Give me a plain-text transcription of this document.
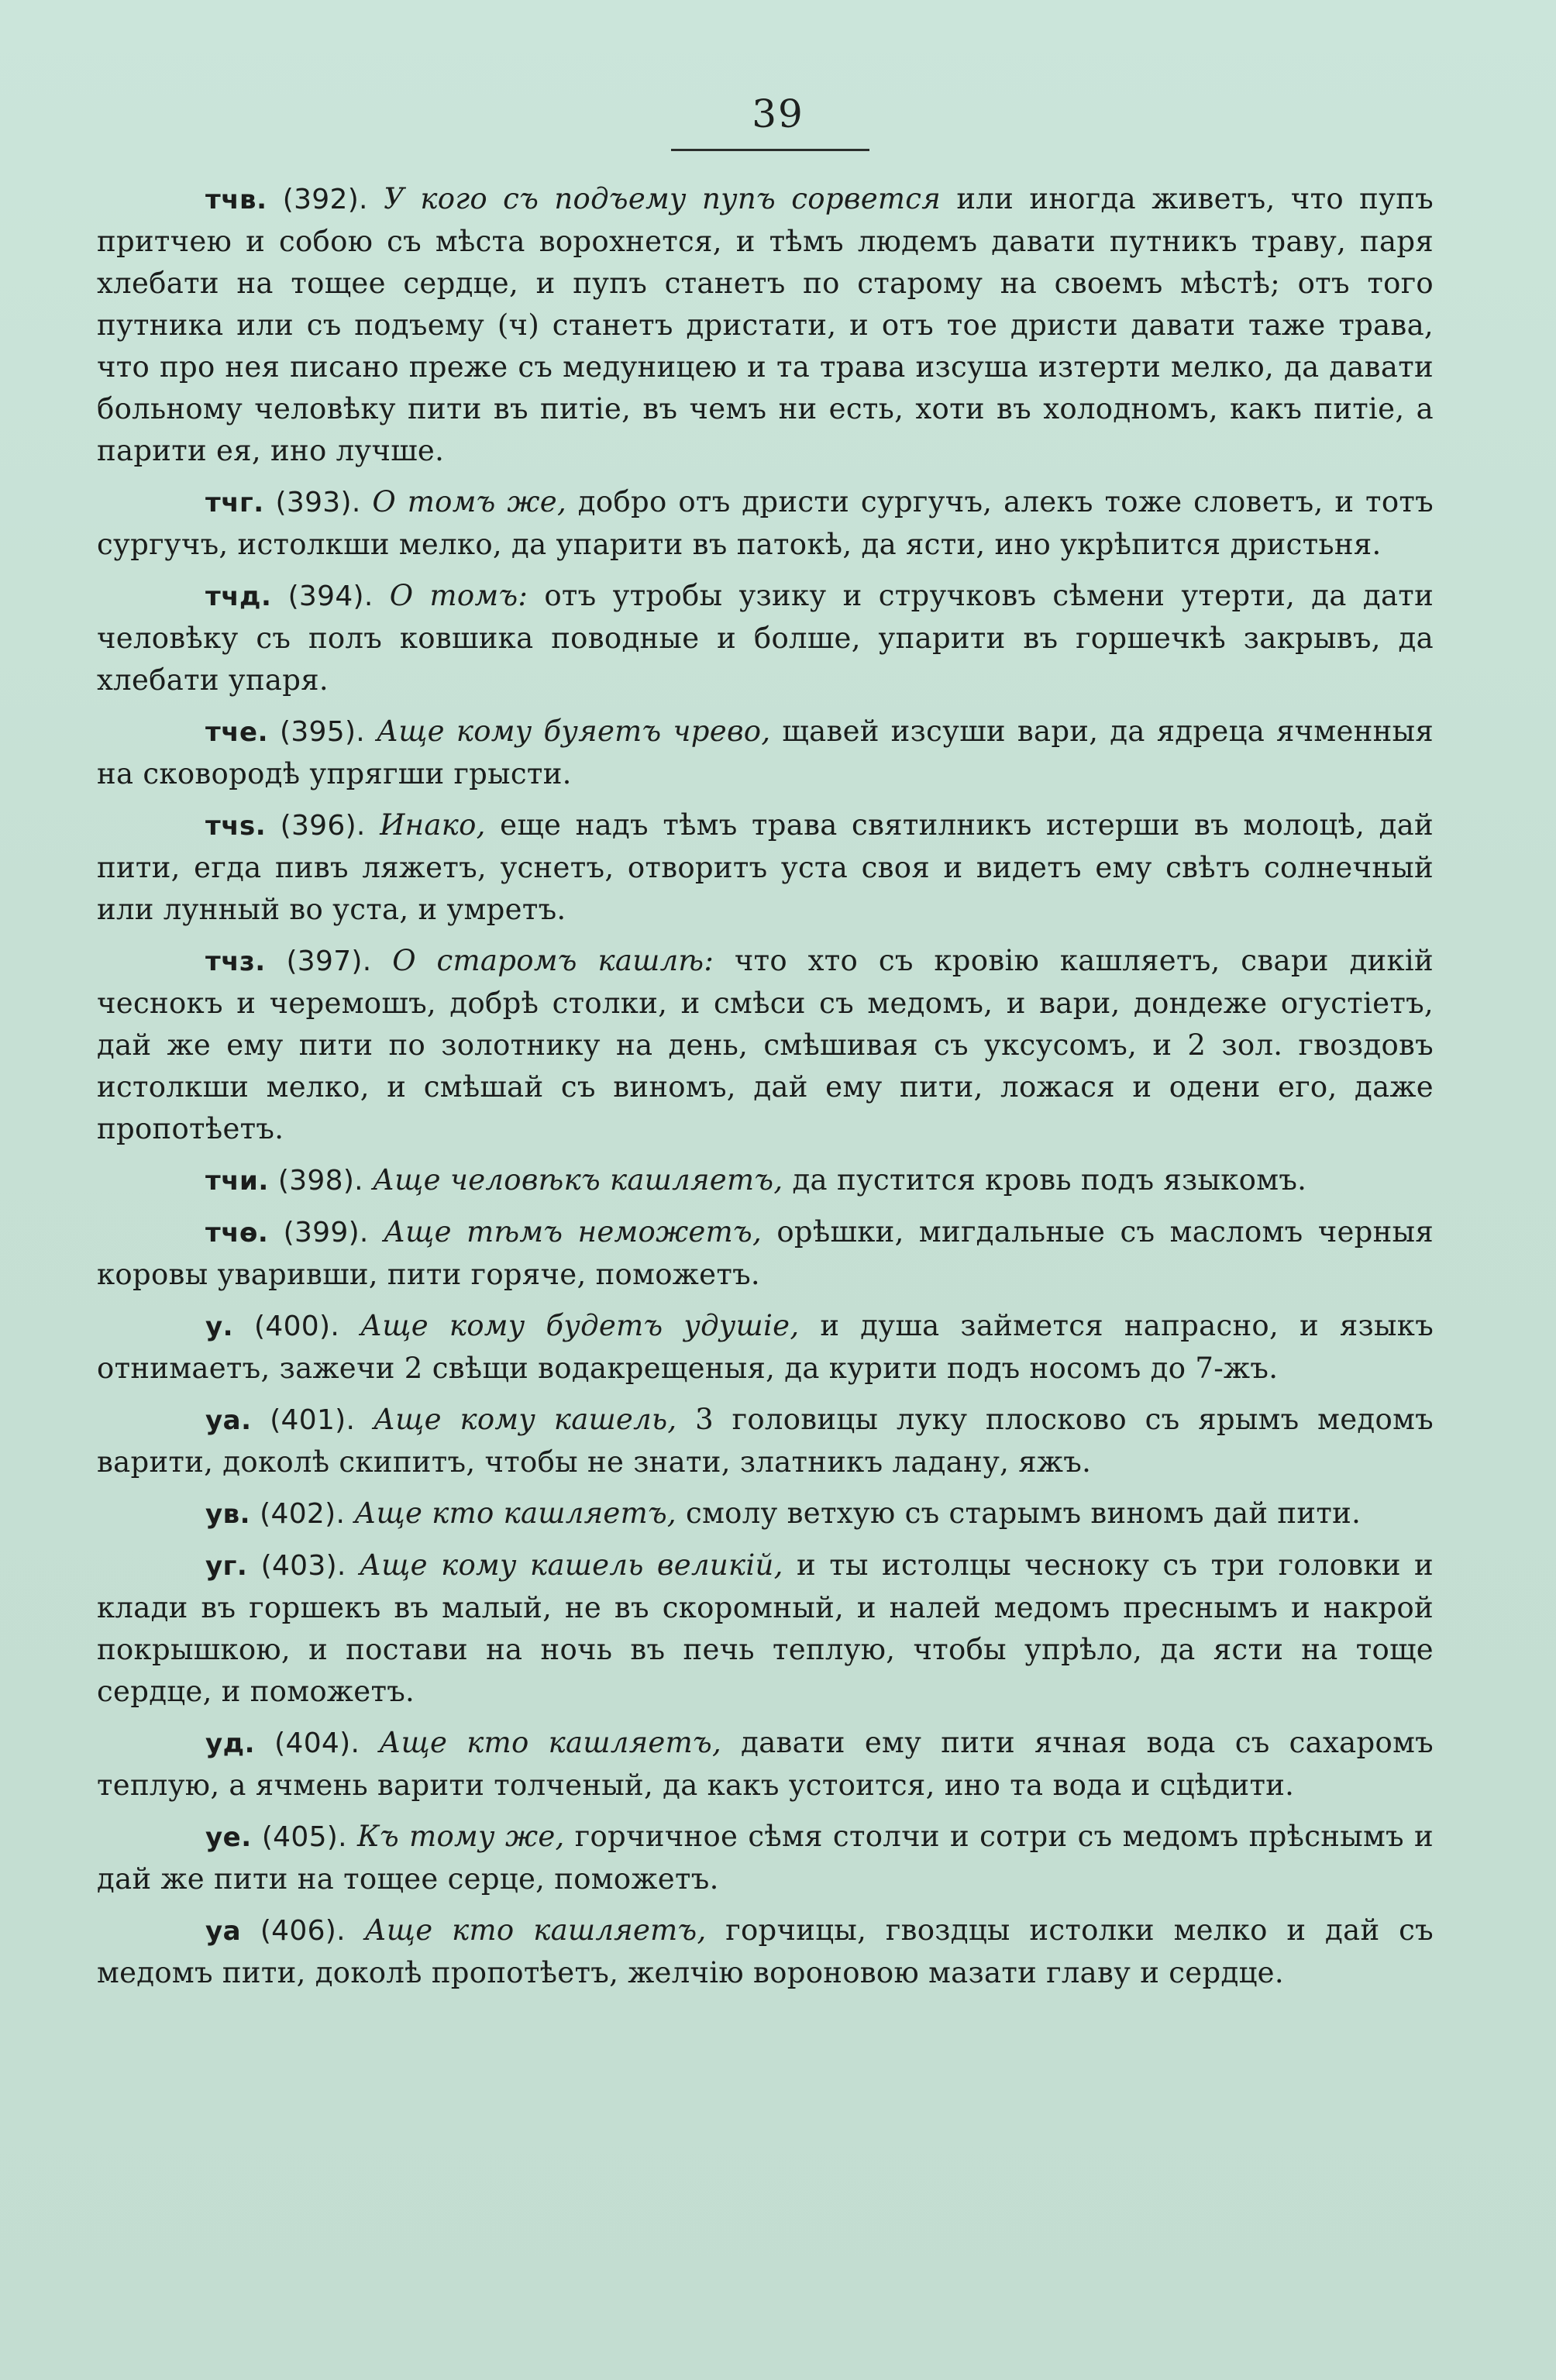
39

тчв. (392). У кого съ подъему пупъ сорвется или иногда живетъ, что пупъ притчею и собою съ мѣста ворохнется, и тѣмъ людемъ давати путникъ траву, паря хлебати на тощее сердце, и пупъ станетъ по старому на своемъ мѣстѣ; отъ того путника или съ подъему (ч) станетъ дристати, и отъ тое дристи давати таже трава, что про нея писано преже съ медуницею и та трава изсуша изтерти мелко, да давати больному человѣку пити въ питіе, въ чемъ ни есть, хоти въ холодномъ, какъ питіе, а парити ея, ино лучше.

тчг. (393). О томъ же, добро отъ дристи сургучъ, алекъ тоже словетъ, и тотъ сургучъ, истолкши мелко, да упарити въ патокѣ, да ясти, ино укрѣпится дристьня.

тчд. (394). О томъ: отъ утробы узику и стручковъ сѣмени утерти, да дати человѣку съ полъ ковшика поводные и болше, упарити въ горшечкѣ закрывъ, да хлебати упаря.

тче. (395). Аще кому буяетъ чрево, щавей изсуши вари, да ядреца ячменныя на сковородѣ упрягши грысти.

тчѕ. (396). Инако, еще надъ тѣмъ трава святилникъ истерши въ молоцѣ, дай пити, егда пивъ ляжетъ, уснетъ, отворитъ уста своя и видетъ ему свѣтъ солнечный или лунный во уста, и умретъ.

тчз. (397). О старомъ кашлѣ: что хто съ кровію кашляетъ, свари дикій чеснокъ и черемошъ, добрѣ столки, и смѣси съ медомъ, и вари, дондеже огустіетъ, дай же ему пити по золотнику на день, смѣшивая съ уксусомъ, и 2 зол. гвоздовъ истолкши мелко, и смѣшай съ виномъ, дай ему пити, ложася и одени его, даже пропотѣетъ.

тчи. (398). Аще человѣкъ кашляетъ, да пустится кровь подъ языкомъ.

тчѳ. (399). Аще тѣмъ неможетъ, орѣшки, мигдальные съ масломъ черныя коровы уваривши, пити горяче, поможетъ.

у. (400). Аще кому будетъ удушіе, и душа займется напрасно, и языкъ отнимаетъ, зажечи 2 свѣщи водакрещеныя, да курити подъ носомъ до 7-жъ.

уа. (401). Аще кому кашель, 3 головицы луку плосково съ ярымъ медомъ варити, доколѣ скипитъ, чтобы не знати, златникъ ладану, яжъ.

ув. (402). Аще кто кашляетъ, смолу ветхую съ старымъ виномъ дай пити.

уг. (403). Аще кому кашель великій, и ты истолцы чесноку съ три головки и клади въ горшекъ въ малый, не въ скоромный, и налей медомъ преснымъ и накрой покрышкою, и постави на ночь въ печь теплую, чтобы упрѣло, да ясти на тоще сердце, и поможетъ.

уд. (404). Аще кто кашляетъ, давати ему пити ячная вода съ сахаромъ теплую, а ячмень варити толченый, да какъ устоится, ино та вода и сцѣдити.

уе. (405). Къ тому же, горчичное сѣмя столчи и сотри съ медомъ прѣснымъ и дай же пити на тощее серце, поможетъ.

уа (406). Аще кто кашляетъ, горчицы, гвоздцы истолки мелко и дай съ медомъ пити, доколѣ пропотѣетъ, желчію вороновою мазати главу и сердце.
